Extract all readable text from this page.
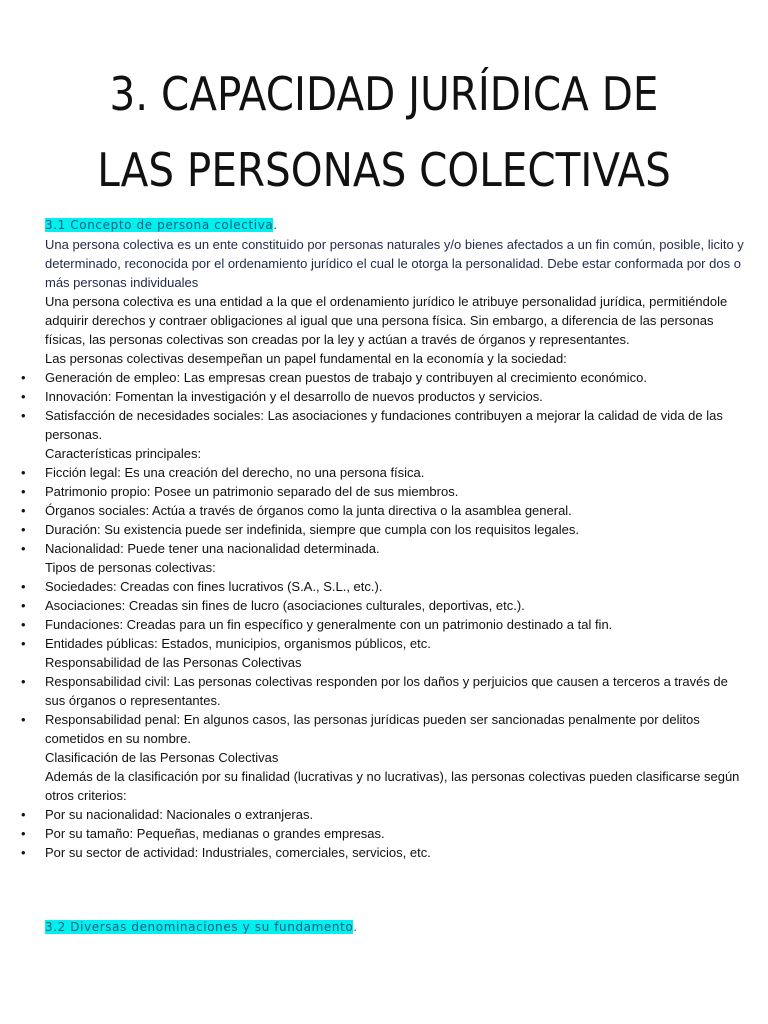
3. CAPACIDAD JURÍDICA DE
LAS PERSONAS COLECTIVAS

3.1 Concepto de persona colectiva.

Una persona colectiva es un ente constituido por personas naturales y/o bienes afectados a un fin común, posible, licito y determinado, reconocida por el ordenamiento jurídico el cual le otorga la personalidad. Debe estar conformada por dos o más personas individuales

Una persona colectiva es una entidad a la que el ordenamiento jurídico le atribuye personalidad jurídica, permitiéndole adquirir derechos y contraer obligaciones al igual que una persona física. Sin embargo, a diferencia de las personas físicas, las personas colectivas son creadas por la ley y actúan a través de órganos y representantes.

Las personas colectivas desempeñan un papel fundamental en la economía y la sociedad:

• Generación de empleo: Las empresas crean puestos de trabajo y contribuyen al crecimiento económico.

• Innovación: Fomentan la investigación y el desarrollo de nuevos productos y servicios.

• Satisfacción de necesidades sociales: Las asociaciones y fundaciones contribuyen a mejorar la calidad de vida de las personas.

Características principales:

• Ficción legal: Es una creación del derecho, no una persona física.

• Patrimonio propio: Posee un patrimonio separado del de sus miembros.

• Órganos sociales: Actúa a través de órganos como la junta directiva o la asamblea general.

• Duración: Su existencia puede ser indefinida, siempre que cumpla con los requisitos legales.

• Nacionalidad: Puede tener una nacionalidad determinada.

Tipos de personas colectivas:

• Sociedades: Creadas con fines lucrativos (S.A., S.L., etc.).

• Asociaciones: Creadas sin fines de lucro (asociaciones culturales, deportivas, etc.).

• Fundaciones: Creadas para un fin específico y generalmente con un patrimonio destinado a tal fin.

• Entidades públicas: Estados, municipios, organismos públicos, etc.

Responsabilidad de las Personas Colectivas

• Responsabilidad civil: Las personas colectivas responden por los daños y perjuicios que causen a terceros a través de sus órganos o representantes.

• Responsabilidad penal: En algunos casos, las personas jurídicas pueden ser sancionadas penalmente por delitos cometidos en su nombre.

Clasificación de las Personas Colectivas

Además de la clasificación por su finalidad (lucrativas y no lucrativas), las personas colectivas pueden clasificarse según otros criterios:

• Por su nacionalidad: Nacionales o extranjeras.

• Por su tamaño: Pequeñas, medianas o grandes empresas.

• Por su sector de actividad: Industriales, comerciales, servicios, etc.

3.2 Diversas denominaciones y su fundamento.
